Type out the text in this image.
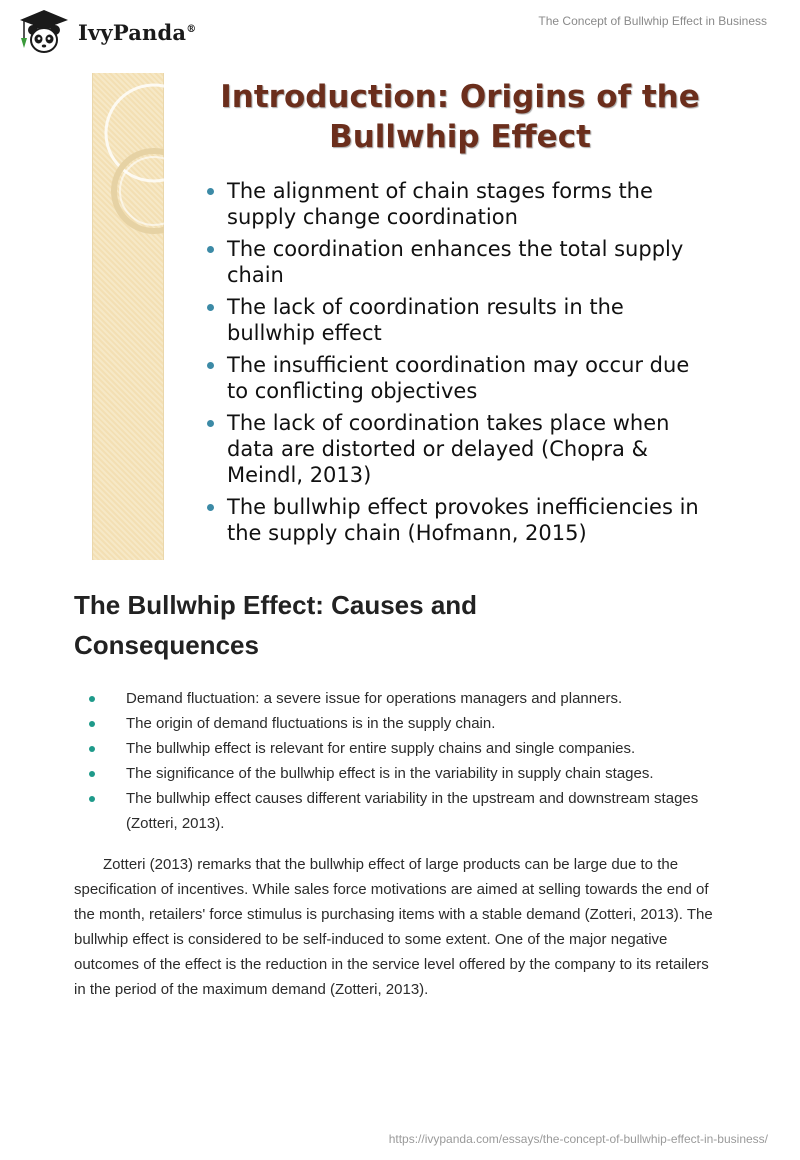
IvyPanda®
The Concept of Bullwhip Effect in Business
Introduction: Origins of the Bullwhip Effect
The alignment of chain stages forms the supply change coordination
The coordination enhances the total supply chain
The lack of coordination results in the bullwhip effect
The insufficient coordination may occur due to conflicting objectives
The lack of coordination takes place when data are distorted or delayed (Chopra & Meindl, 2013)
The bullwhip effect provokes inefficiencies in the supply chain (Hofmann, 2015)
The Bullwhip Effect: Causes and Consequences
Demand fluctuation: a severe issue for operations managers and planners.
The origin of demand fluctuations is in the supply chain.
The bullwhip effect is relevant for entire supply chains and single companies.
The significance of the bullwhip effect is in the variability in supply chain stages.
The bullwhip effect causes different variability in the upstream and downstream stages (Zotteri, 2013).

Zotteri (2013) remarks that the bullwhip effect of large products can be large due to the specification of incentives. While sales force motivations are aimed at selling towards the end of the month, retailers' force stimulus is purchasing items with a stable demand (Zotteri, 2013). The bullwhip effect is considered to be self-induced to some extent. One of the major negative outcomes of the effect is the reduction in the service level offered by the company to its retailers in the period of the maximum demand (Zotteri, 2013).

https://ivypanda.com/essays/the-concept-of-bullwhip-effect-in-business/
